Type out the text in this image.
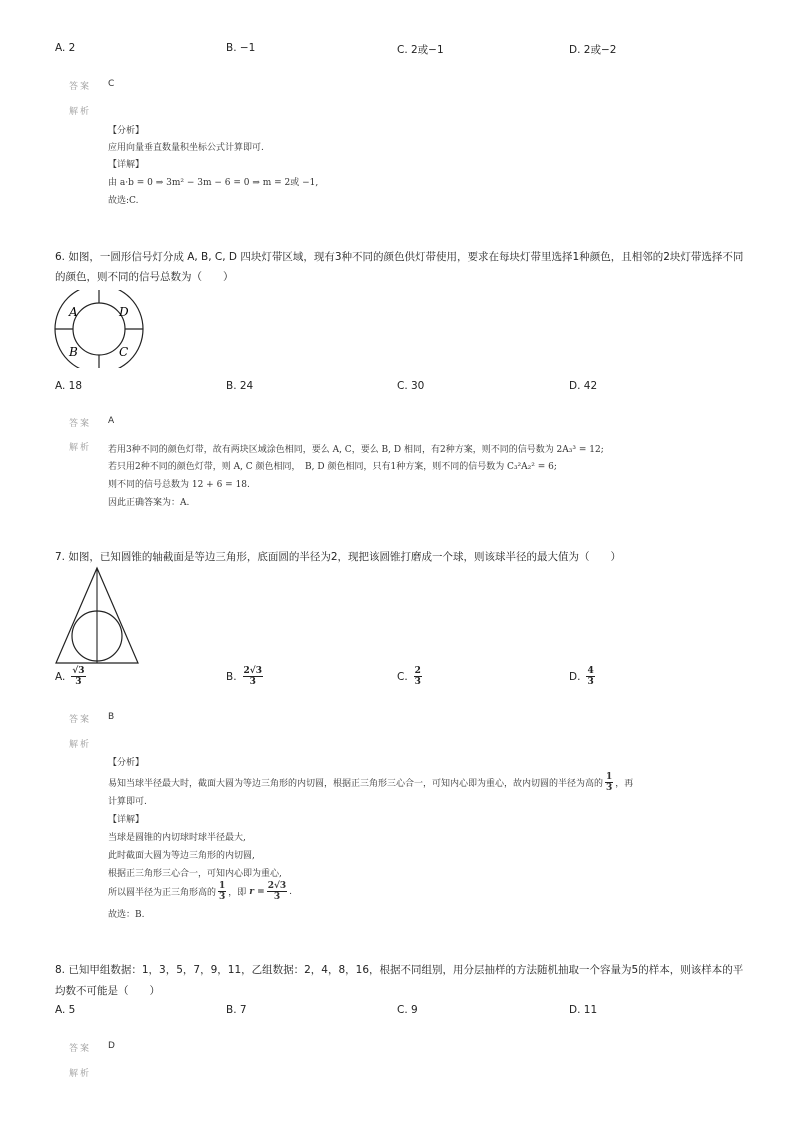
A. 2	B. −1	C. 2或−1	D. 2或−2
答案 C
解析
【分析】
应用向量垂直数量积坐标公式计算即可.
【详解】
由 a·b = 0 ⇒ 3m² − 3m − 6 = 0 ⇒ m = 2或 −1,
故选:C.
6. 如图，一圆形信号灯分成 A, B, C, D 四块灯带区域，现有3种不同的颜色供灯带使用，要求在每块灯带里选择1种颜色，且相邻的2块灯带选择不同
的颜色，则不同的信号总数为（　　）
A	D
B	C
A. 18	B. 24	C. 30	D. 42
答案 A
解析 若用3种不同的颜色灯带，故有两块区域涂色相同，要么 A, C，要么 B, D 相同，有2种方案，则不同的信号数为 2A₃³ = 12;
若只用2种不同的颜色灯带，则 A, C 颜色相同，　B, D 颜色相同，只有1种方案，则不同的信号数为 C₃²A₂² = 6;
则不同的信号总数为 12 + 6 = 18.
因此正确答案为：A.
7. 如图，已知圆锥的轴截面是等边三角形，底面圆的半径为2，现把该圆锥打磨成一个球，则该球半径的最大值为（　　）
A. $\frac{√3}{3}$	B. $\frac{2√3}{3}$	C. $\frac{2}{3}$	D. $\frac{4}{3}$
答案 B
解析
【分析】
易知当球半径最大时，截面大圆为等边三角形的内切圆，根据正三角形三心合一，可知内心即为重心，故内切圆的半径为高的 $\frac{1}{3}$ ，再
计算即可.
【详解】
当球是圆锥的内切球时球半径最大,
此时截面大圆为等边三角形的内切圆,
根据正三角形三心合一，可知内心即为重心,
所以圆半径为正三角形高的 $\frac{1}{3}$ ，即 $r = \frac{2√3}{3}$ .
故选：B.
8. 已知甲组数据：1，3，5，7，9，11，乙组数据：2，4，8，16，根据不同组别，用分层抽样的方法随机抽取一个容量为5的样本，则该样本的平
均数不可能是（　　）
A. 5	B. 7	C. 9	D. 11
答案 D
解析
